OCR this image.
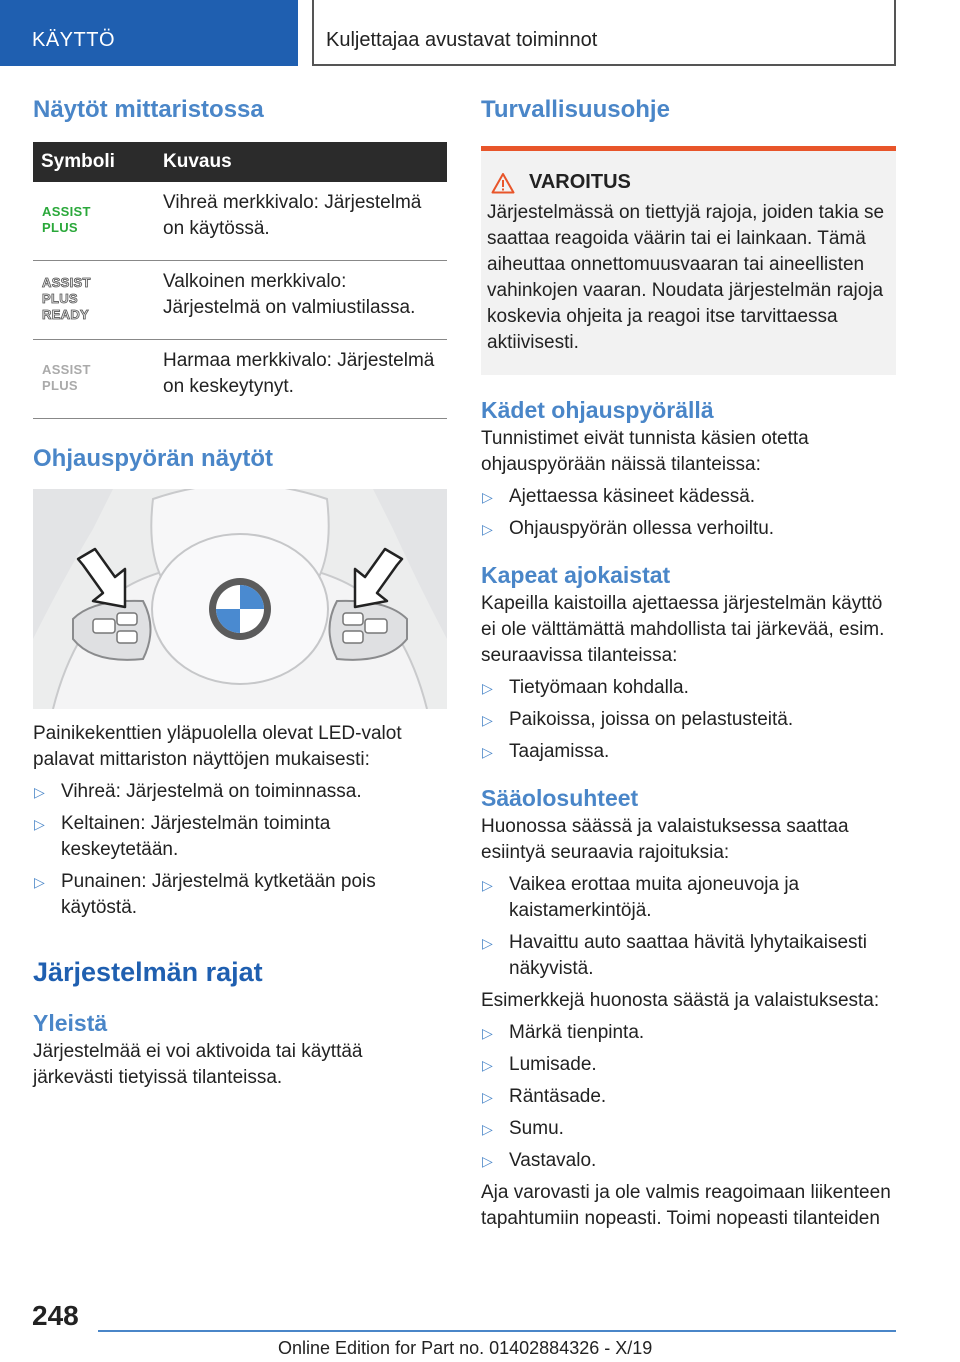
KÄYTTÖ	Kuljettajaa avustavat toiminnot
Näytöt mittaristossa
Symboli	Kuvaus

ASSIST
PLUS	Vihreä merkkivalo: Järjestelmä on käytössä.

ASSIST
PLUS
READY	Valkoinen merkkivalo: Järjestelmä on valmiustilassa.

ASSIST
PLUS	Harmaa merkkivalo: Järjestelmä on keskeytynyt.
Ohjauspyörän näytöt
Painikekenttien yläpuolella olevat LED-valot palavat mittariston näyttöjen mukaisesti:
▷ Vihreä: Järjestelmä on toiminnassa.
▷ Keltainen: Järjestelmän toiminta keskeytetään.
▷ Punainen: Järjestelmä kytketään pois käytöstä.
Järjestelmän rajat
Yleistä
Järjestelmää ei voi aktivoida tai käyttää järkevästi tietyissä tilanteissa.
Turvallisuusohje
VAROITUS
Järjestelmässä on tiettyjä rajoja, joiden takia se saattaa reagoida väärin tai ei lainkaan. Tämä aiheuttaa onnettomuusvaaran tai aineellisten vahinkojen vaaran. Noudata järjestelmän rajoja koskevia ohjeita ja reagoi itse tarvittaessa aktiivisesti.
Kädet ohjauspyörällä
Tunnistimet eivät tunnista käsien otetta ohjauspyörään näissä tilanteissa:
▷ Ajettaessa käsineet kädessä.
▷ Ohjauspyörän ollessa verhoiltu.
Kapeat ajokaistat
Kapeilla kaistoilla ajettaessa järjestelmän käyttö ei ole välttämättä mahdollista tai järkevää, esim. seuraavissa tilanteissa:
▷ Tietyömaan kohdalla.
▷ Paikoissa, joissa on pelastusteitä.
▷ Taajamissa.
Sääolosuhteet
Huonossa säässä ja valaistuksessa saattaa esiintyä seuraavia rajoituksia:
▷ Vaikea erottaa muita ajoneuvoja ja kaistamerkintöjä.
▷ Havaittu auto saattaa hävitä lyhytaikaisesti näkyvistä.
Esimerkkejä huonosta säästä ja valaistuksesta:
▷ Märkä tienpinta.
▷ Lumisade.
▷ Räntäsade.
▷ Sumu.
▷ Vastavalo.
Aja varovasti ja ole valmis reagoimaan liikenteen tapahtumiin nopeasti. Toimi nopeasti tilanteiden
248
Online Edition for Part no. 01402884326 - X/19
